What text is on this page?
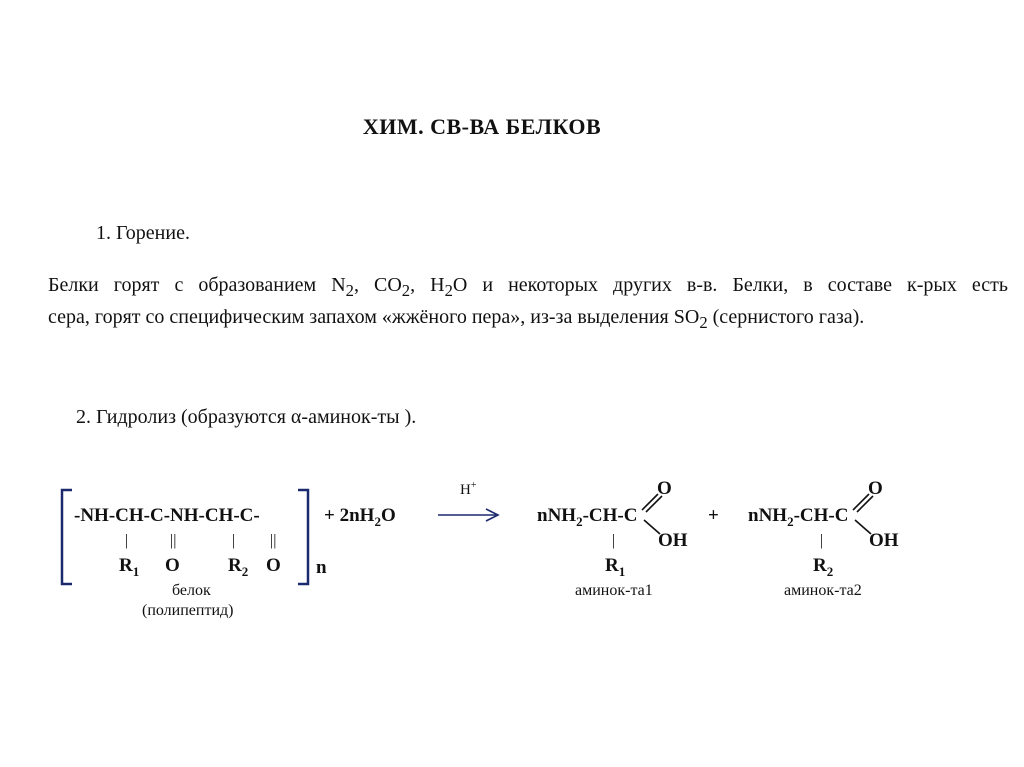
ХИМ. СВ-ВА БЕЛКОВ
1. Горение.
Белки горят с образованием $N_2$, $CO_2$, $H_2O$ и некоторых других в-в. Белки, в составе к-рых есть
сера, горят со специфическим запахом «жжёного пера», из-за выделения $SO_2$ (сернистого газа).
2. Гидролиз (образуются α-аминок-ты ).
-NH-CH-C-NH-CH-C-
|	||	| ||
$R_1$ O	$R_2$ O n
белок
(полипептид)
+ $2nH_2O$
H+
nNH$_2$-CH-C
O
OH
|
$R_1$
аминок-та1
+ nNH$_2$-CH-C
O
OH
|
$R_2$
аминок-та2
